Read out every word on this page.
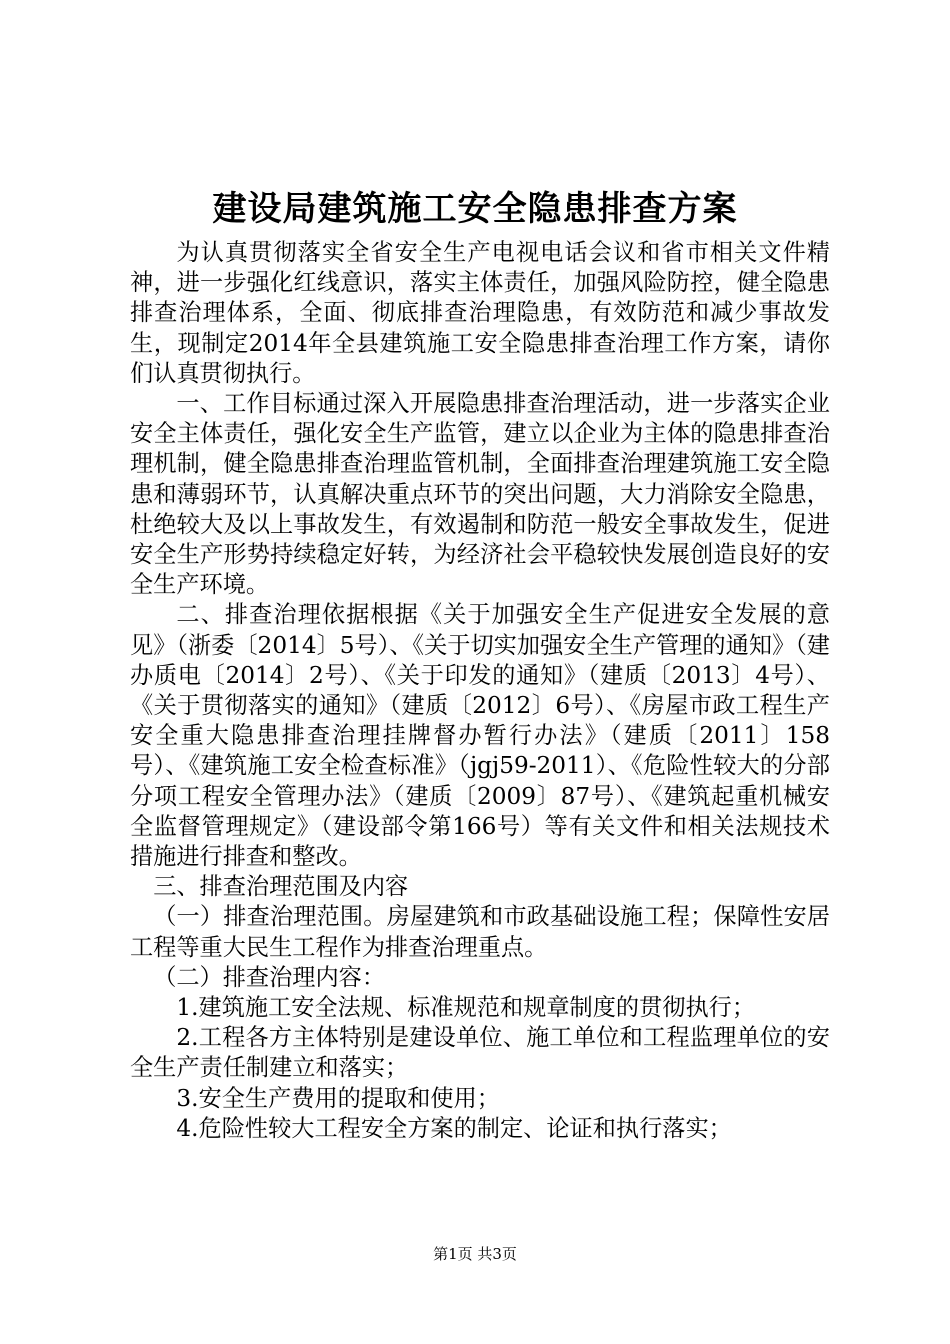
建设局建筑施工安全隐患排查方案

为认真贯彻落实全省安全生产电视电话会议和省市相关文件精神，进一步强化红线意识，落实主体责任，加强风险防控，健全隐患排查治理体系，全面、彻底排查治理隐患，有效防范和减少事故发生，现制定2014年全县建筑施工安全隐患排查治理工作方案，请你们认真贯彻执行。

一、工作目标通过深入开展隐患排查治理活动，进一步落实企业安全主体责任，强化安全生产监管，建立以企业为主体的隐患排查治理机制，健全隐患排查治理监管机制，全面排查治理建筑施工安全隐患和薄弱环节，认真解决重点环节的突出问题，大力消除安全隐患，杜绝较大及以上事故发生，有效遏制和防范一般安全事故发生，促进安全生产形势持续稳定好转，为经济社会平稳较快发展创造良好的安全生产环境。

二、排查治理依据根据《关于加强安全生产促进安全发展的意见》（浙委〔2014〕5号）、《关于切实加强安全生产管理的通知》（建办质电〔2014〕2号）、《关于印发的通知》（建质〔2013〕4号）、《关于贯彻落实的通知》（建质〔2012〕6号）、《房屋市政工程生产安全重大隐患排查治理挂牌督办暂行办法》（建质〔2011〕158号）、《建筑施工安全检查标准》（jgj59-2011）、《危险性较大的分部分项工程安全管理办法》（建质〔2009〕87号）、《建筑起重机械安全监督管理规定》（建设部令第166号）等有关文件和相关法规技术措施进行排查和整改。

三、排查治理范围及内容

（一）排查治理范围。房屋建筑和市政基础设施工程；保障性安居工程等重大民生工程作为排查治理重点。

（二）排查治理内容：

1.建筑施工安全法规、标准规范和规章制度的贯彻执行；

2.工程各方主体特别是建设单位、施工单位和工程监理单位的安全生产责任制建立和落实；

3.安全生产费用的提取和使用；

4.危险性较大工程安全方案的制定、论证和执行落实；

第1页 共3页
